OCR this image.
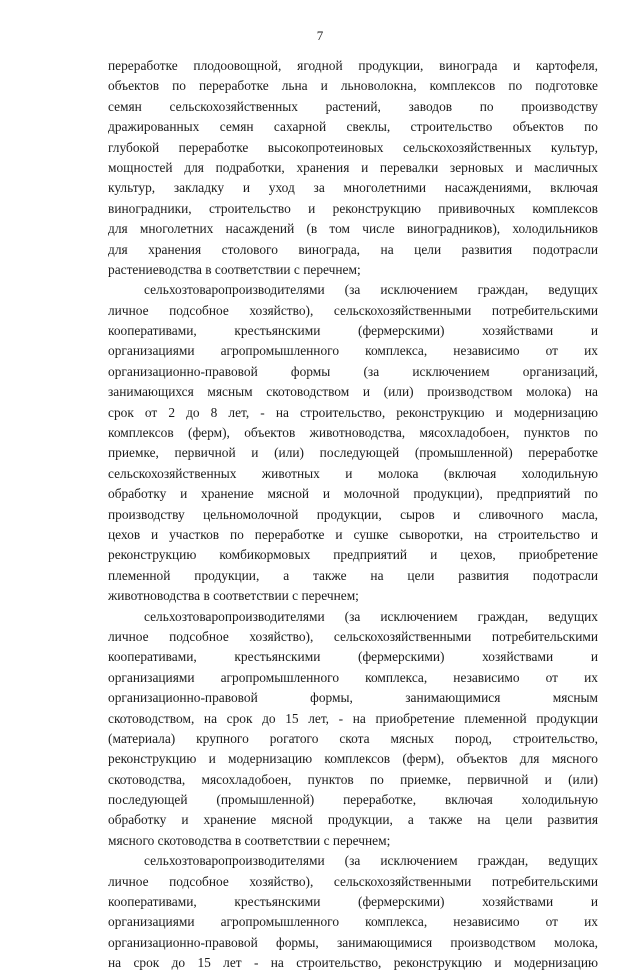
7
переработке плодоовощной, ягодной продукции, винограда и картофеля,
объектов по переработке льна и льноволокна, комплексов по подготовке
семян сельскохозяйственных растений, заводов по производству
дражированных семян сахарной свеклы, строительство объектов по
глубокой переработке высокопротеиновых сельскохозяйственных культур,
мощностей для подработки, хранения и перевалки зерновых и масличных
культур, закладку и уход за многолетними насаждениями, включая
виноградники, строительство и реконструкцию прививочных комплексов
для многолетних насаждений (в том числе виноградников), холодильников
для хранения столового винограда, на цели развития подотрасли
растениеводства в соответствии с перечнем;
сельхозтоваропроизводителями (за исключением граждан, ведущих
личное подсобное хозяйство), сельскохозяйственными потребительскими
кооперативами, крестьянскими (фермерскими) хозяйствами и
организациями агропромышленного комплекса, независимо от их
организационно-правовой формы (за исключением организаций,
занимающихся мясным скотоводством и (или) производством молока) на
срок от 2 до 8 лет, - на строительство, реконструкцию и модернизацию
комплексов (ферм), объектов животноводства, мясохладобоен, пунктов по
приемке, первичной и (или) последующей (промышленной) переработке
сельскохозяйственных животных и молока (включая холодильную
обработку и хранение мясной и молочной продукции), предприятий по
производству цельномолочной продукции, сыров и сливочного масла,
цехов и участков по переработке и сушке сыворотки, на строительство и
реконструкцию комбикормовых предприятий и цехов, приобретение
племенной продукции, а также на цели развития подотрасли
животноводства в соответствии с перечнем;
сельхозтоваропроизводителями (за исключением граждан, ведущих
личное подсобное хозяйство), сельскохозяйственными потребительскими
кооперативами, крестьянскими (фермерскими) хозяйствами и
организациями агропромышленного комплекса, независимо от их
организационно-правовой формы, занимающимися мясным
скотоводством, на срок до 15 лет, - на приобретение племенной продукции
(материала) крупного рогатого скота мясных пород, строительство,
реконструкцию и модернизацию комплексов (ферм), объектов для мясного
скотоводства, мясохладобоен, пунктов по приемке, первичной и (или)
последующей (промышленной) переработке, включая холодильную
обработку и хранение мясной продукции, а также на цели развития
мясного скотоводства в соответствии с перечнем;
сельхозтоваропроизводителями (за исключением граждан, ведущих
личное подсобное хозяйство), сельскохозяйственными потребительскими
кооперативами, крестьянскими (фермерскими) хозяйствами и
организациями агропромышленного комплекса, независимо от их
организационно-правовой формы, занимающимися производством молока,
на срок до 15 лет - на строительство, реконструкцию и модернизацию
